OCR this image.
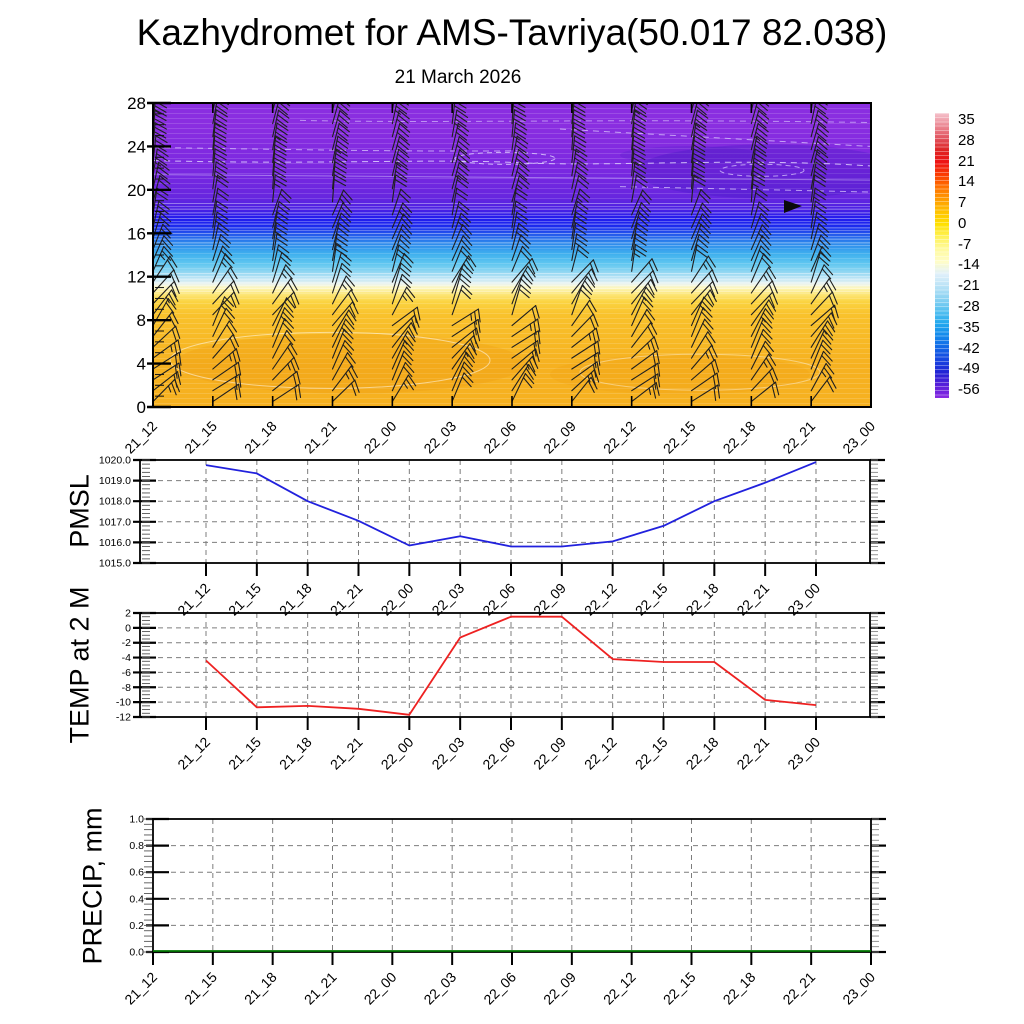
Kazhydromet for AMS-Tavriya(50.017 82.038)
21 March 2026
35
28
21
14
7
0
-7
-14
-21
-28
-35
-42
-49
-56
PMSL
TEMP at 2 M
PRECIP, mm
0
4
8
12
16
20
24
28
21_12 21_15 21_18 21_21 22_00 22_03 22_06 22_09 22_12 22_15 22_18 22_21 23_00
1020.0
1019.0
1018.0
1017.0
1016.0
1015.0
21_12 21_15 21_18 21_21 22_00 22_03 22_06 22_09 22_12 22_15 22_18 22_21 23_00
2
0
-2
-4
-6
-8
-10
-12
21_12 21_15 21_18 21_21 22_00 22_03 22_06 22_09 22_12 22_15 22_18 22_21 23_00
1.0
0.8
0.6
0.4
0.2
0.0
21_12 21_15 21_18 21_21 22_00 22_03 22_06 22_09 22_12 22_15 22_18 22_21 23_00
